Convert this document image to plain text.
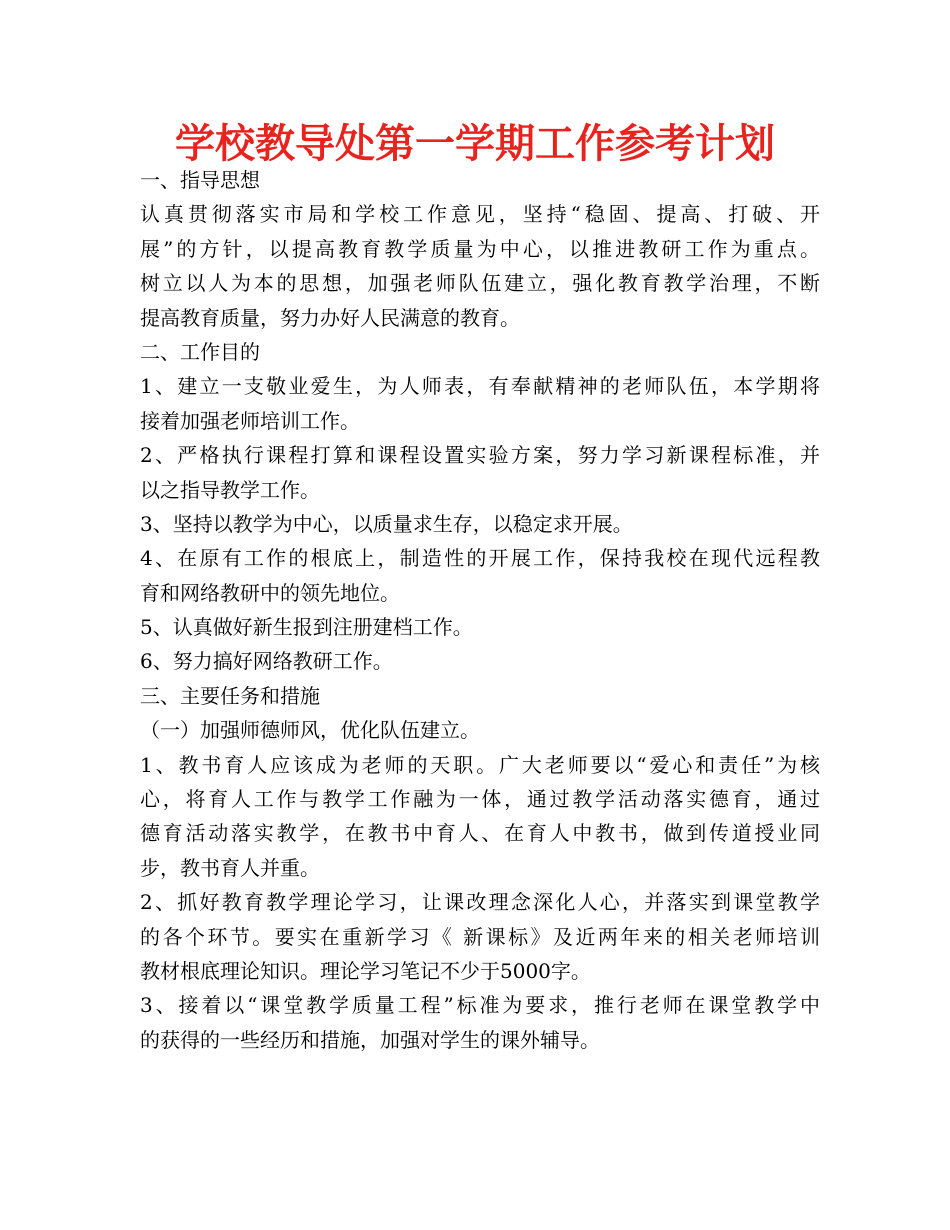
学校教导处第一学期工作参考计划
一、指导思想
认真贯彻落实市局和学校工作意见，坚持“稳固、提高、打破、开
展”的方针，以提高教育教学质量为中心，以推进教研工作为重点。
树立以人为本的思想，加强老师队伍建立，强化教育教学治理，不断
提高教育质量，努力办好人民满意的教育。
二、工作目的
1、建立一支敬业爱生，为人师表，有奉献精神的老师队伍，本学期将
接着加强老师培训工作。
2、严格执行课程打算和课程设置实验方案，努力学习新课程标准，并
以之指导教学工作。
3、坚持以教学为中心，以质量求生存，以稳定求开展。
4、在原有工作的根底上，制造性的开展工作，保持我校在现代远程教
育和网络教研中的领先地位。
5、认真做好新生报到注册建档工作。
6、努力搞好网络教研工作。
三、主要任务和措施
（一）加强师德师风，优化队伍建立。
1、教书育人应该成为老师的天职。广大老师要以“爱心和责任”为核
心，将育人工作与教学工作融为一体，通过教学活动落实德育，通过
德育活动落实教学，在教书中育人、在育人中教书，做到传道授业同
步，教书育人并重。
2、抓好教育教学理论学习，让课改理念深化人心，并落实到课堂教学
的各个环节。要实在重新学习《 新课标》及近两年来的相关老师培训
教材根底理论知识。理论学习笔记不少于5000字。
3、接着以“课堂教学质量工程”标准为要求，推行老师在课堂教学中
的获得的一些经历和措施，加强对学生的课外辅导。
